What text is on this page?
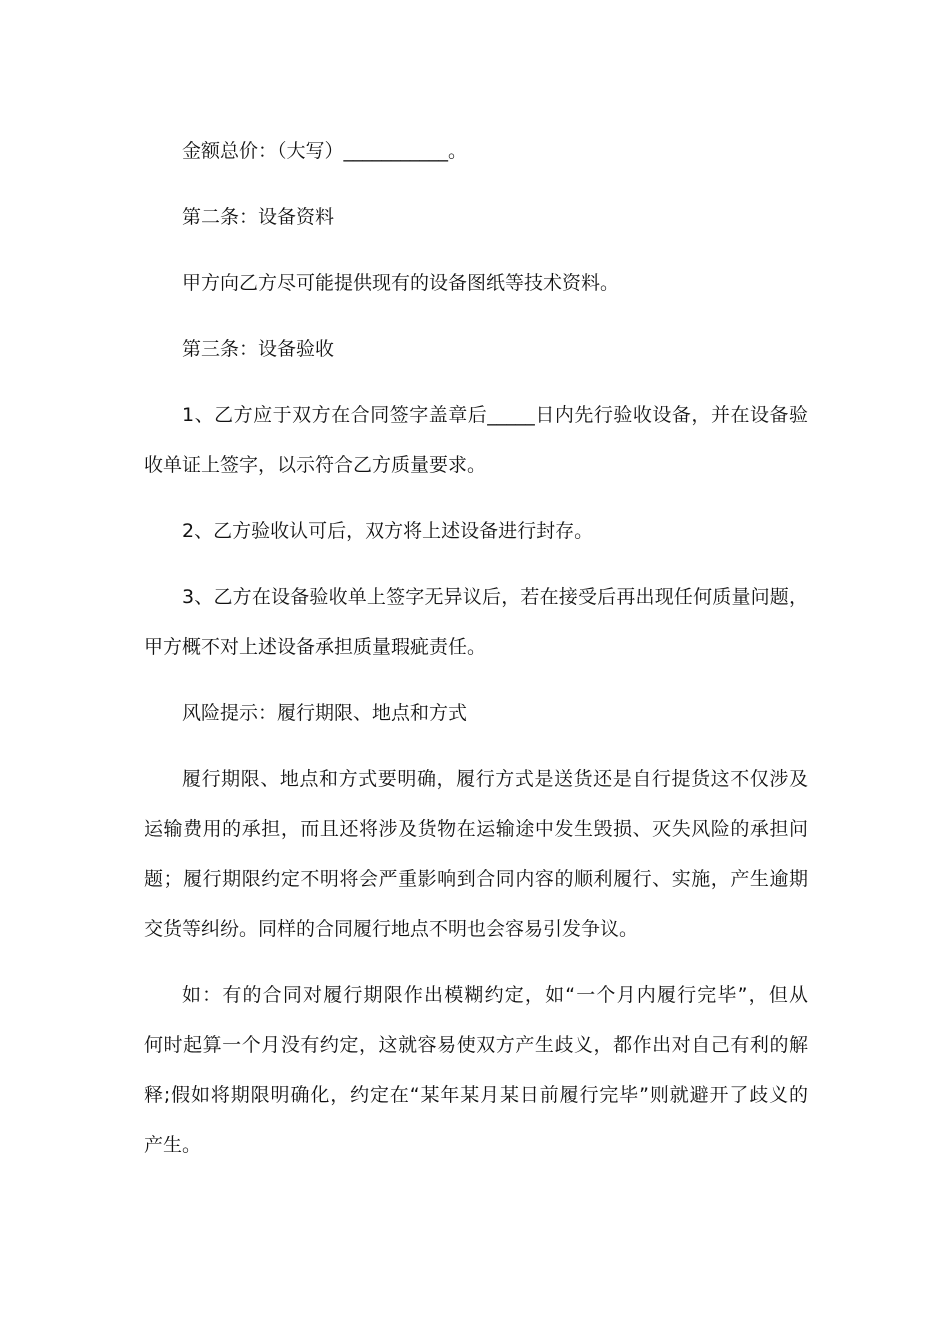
金额总价：（大写）___________。
第二条：设备资料
甲方向乙方尽可能提供现有的设备图纸等技术资料。
第三条：设备验收
1、乙方应于双方在合同签字盖章后_____日内先行验收设备，并在设备验
收单证上签字，以示符合乙方质量要求。
2、乙方验收认可后，双方将上述设备进行封存。
3、乙方在设备验收单上签字无异议后，若在接受后再出现任何质量问题，
甲方概不对上述设备承担质量瑕疵责任。
风险提示：履行期限、地点和方式
履行期限、地点和方式要明确，履行方式是送货还是自行提货这不仅涉及
运输费用的承担，而且还将涉及货物在运输途中发生毁损、灭失风险的承担问
题；履行期限约定不明将会严重影响到合同内容的顺利履行、实施，产生逾期
交货等纠纷。同样的合同履行地点不明也会容易引发争议。
如：有的合同对履行期限作出模糊约定，如“一个月内履行完毕”，但从
何时起算一个月没有约定，这就容易使双方产生歧义，都作出对自己有利的解
释;假如将期限明确化，约定在“某年某月某日前履行完毕”则就避开了歧义的
产生。
